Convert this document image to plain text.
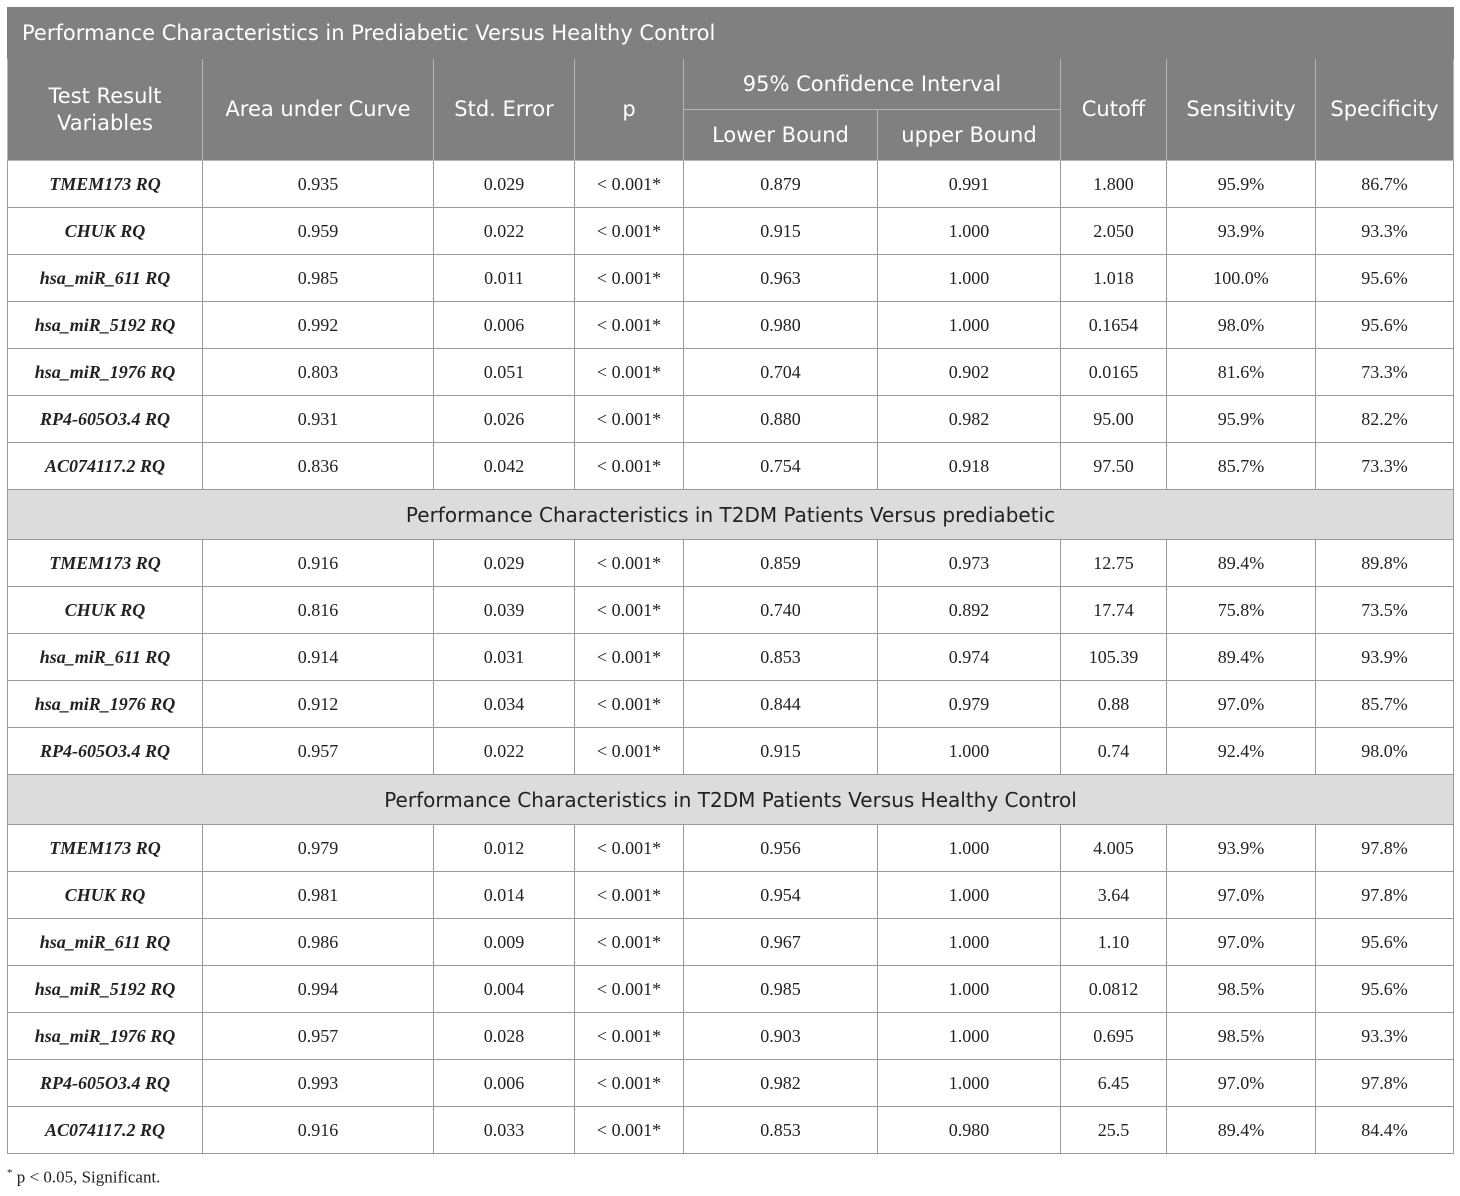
Performance Characteristics in Prediabetic Versus Healthy Control								
Test Result Variables	Area under Curve	Std. Error	p	95% Confidence Interval		Cutoff	Sensitivity	Specificity
				Lower Bound	upper Bound			
TMEM173 RQ	0.935	0.029	< 0.001*	0.879	0.991	1.800	95.9%	86.7%
CHUK RQ	0.959	0.022	< 0.001*	0.915	1.000	2.050	93.9%	93.3%
hsa_miR_611 RQ	0.985	0.011	< 0.001*	0.963	1.000	1.018	100.0%	95.6%
hsa_miR_5192 RQ	0.992	0.006	< 0.001*	0.980	1.000	0.1654	98.0%	95.6%
hsa_miR_1976 RQ	0.803	0.051	< 0.001*	0.704	0.902	0.0165	81.6%	73.3%
RP4-605O3.4 RQ	0.931	0.026	< 0.001*	0.880	0.982	95.00	95.9%	82.2%
AC074117.2 RQ	0.836	0.042	< 0.001*	0.754	0.918	97.50	85.7%	73.3%
Performance Characteristics in T2DM Patients Versus prediabetic								
TMEM173 RQ	0.916	0.029	< 0.001*	0.859	0.973	12.75	89.4%	89.8%
CHUK RQ	0.816	0.039	< 0.001*	0.740	0.892	17.74	75.8%	73.5%
hsa_miR_611 RQ	0.914	0.031	< 0.001*	0.853	0.974	105.39	89.4%	93.9%
hsa_miR_1976 RQ	0.912	0.034	< 0.001*	0.844	0.979	0.88	97.0%	85.7%
RP4-605O3.4 RQ	0.957	0.022	< 0.001*	0.915	1.000	0.74	92.4%	98.0%
Performance Characteristics in T2DM Patients Versus Healthy Control								
TMEM173 RQ	0.979	0.012	< 0.001*	0.956	1.000	4.005	93.9%	97.8%
CHUK RQ	0.981	0.014	< 0.001*	0.954	1.000	3.64	97.0%	97.8%
hsa_miR_611 RQ	0.986	0.009	< 0.001*	0.967	1.000	1.10	97.0%	95.6%
hsa_miR_5192 RQ	0.994	0.004	< 0.001*	0.985	1.000	0.0812	98.5%	95.6%
hsa_miR_1976 RQ	0.957	0.028	< 0.001*	0.903	1.000	0.695	98.5%	93.3%
RP4-605O3.4 RQ	0.993	0.006	< 0.001*	0.982	1.000	6.45	97.0%	97.8%
AC074117.2 RQ	0.916	0.033	< 0.001*	0.853	0.980	25.5	89.4%	84.4%
* p < 0.05, Significant.
